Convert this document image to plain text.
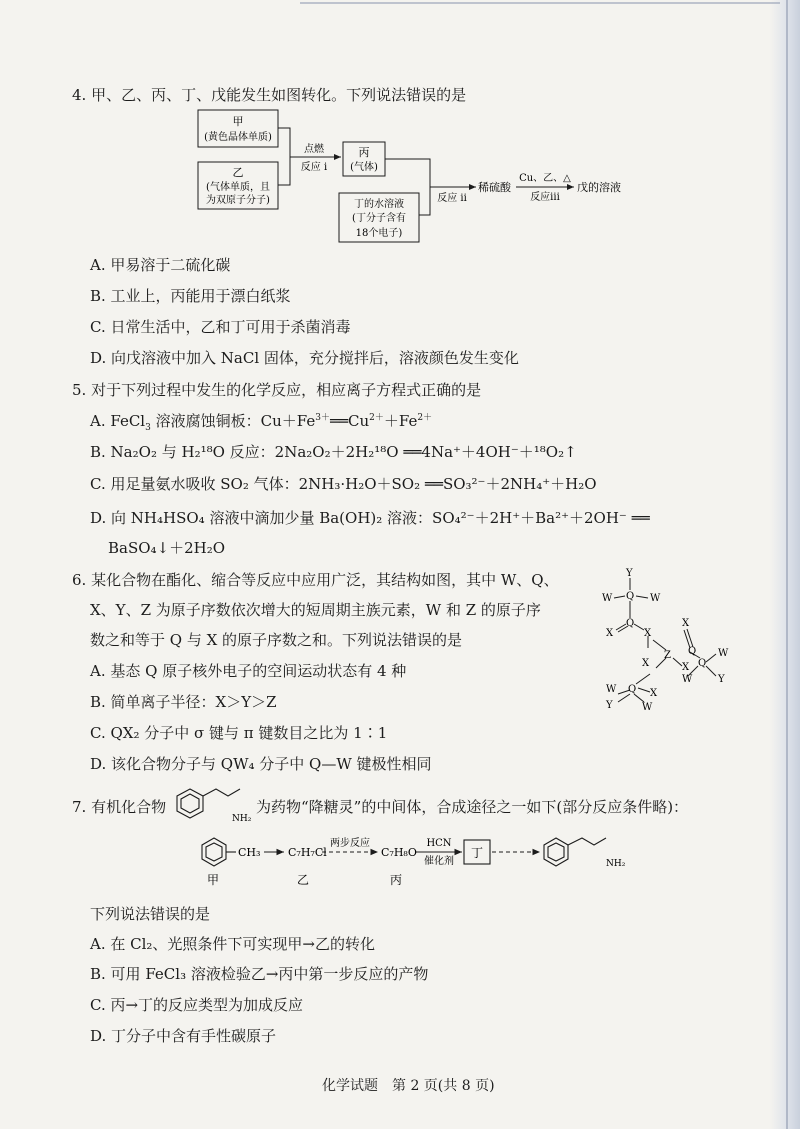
4. 甲、乙、丙、丁、戊能发生如图转化。下列说法错误的是
甲
(黄色晶体单质)
乙
(气体单质，且
为双原子分子)
点燃
反应 i
丙
(气体)
丁的水溶液
(丁分子含有
18个电子)
反应 ii
稀硫酸
Cu、乙、△
反应iii
戊的溶液
A. 甲易溶于二硫化碳
B. 工业上，丙能用于漂白纸浆
C. 日常生活中，乙和丁可用于杀菌消毒
D. 向戊溶液中加入 NaCl 固体，充分搅拌后，溶液颜色发生变化
5. 对于下列过程中发生的化学反应，相应离子方程式正确的是
A. FeCl$_3$ 溶液腐蚀铜板：$Cu+Fe^{3+}══Cu^{2+}+Fe^{2+}$
B. Na₂O₂ 与 H₂¹⁸O 反应：2Na₂O₂＋2H₂¹⁸O ══4Na⁺＋4OH⁻＋¹⁸O₂↑
C. 用足量氨水吸收 SO₂ 气体：2NH₃·H₂O＋SO₂ ══SO₃²⁻＋2NH₄⁺＋H₂O
D. 向 NH₄HSO₄ 溶液中滴加少量 Ba(OH)₂ 溶液：SO₄²⁻＋2H⁺＋Ba²⁺＋2OH⁻ ══
BaSO₄↓＋2H₂O
6. 某化合物在酯化、缩合等反应中应用广泛，其结构如图，其中 W、Q、
X、Y、Z 为原子序数依次增大的短周期主族元素，W 和 Z 的原子序
数之和等于 Q 与 X 的原子序数之和。下列说法错误的是
A. 基态 Q 原子核外电子的空间运动状态有 4 种
B. 简单离子半径：X＞Y＞Z
C. QX₂ 分子中 σ 键与 π 键数目之比为 1∶1
D. 该化合物分子与 QW₄ 分子中 Q—W 键极性相同
Y
W Q W
Q
X	X
Z
X
Q
X Q
W
Y
W
X
Q
W
Y
X
W
7. 有机化合物
NH₂
为药物“降糖灵”的中间体，合成途径之一如下(部分反应条件略)：
CH₃	C₇H₇Cl
两步反应
C₇H₈O
HCN
催化剂
丁
NH₂
甲	乙	丙
下列说法错误的是
A. 在 Cl₂、光照条件下可实现甲→乙的转化
B. 可用 FeCl₃ 溶液检验乙→丙中第一步反应的产物
C. 丙→丁的反应类型为加成反应
D. 丁分子中含有手性碳原子
化学试题　第 2 页(共 8 页)
